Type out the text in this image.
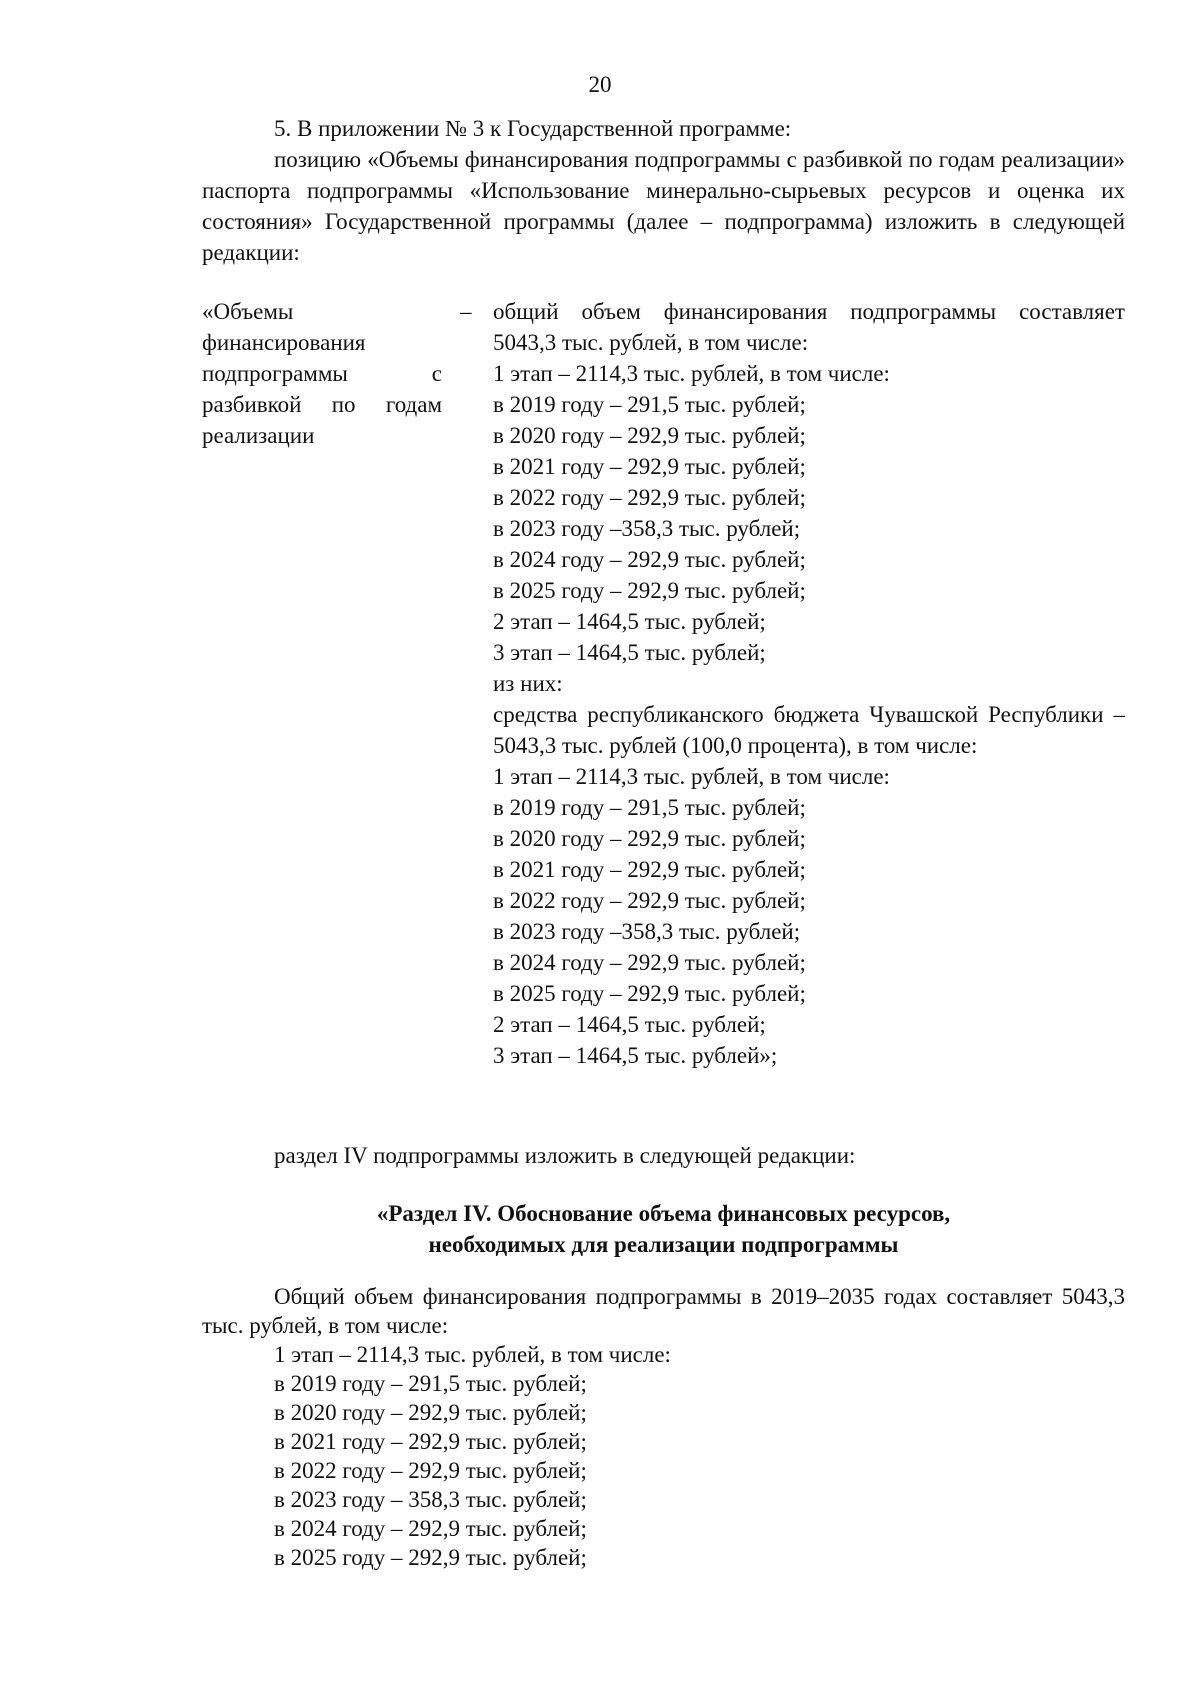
20

5. В приложении № 3 к Государственной программе:

позицию «Объемы финансирования подпрограммы с разбивкой по годам реализации» паспорта подпрограммы «Использование минерально-сырьевых ресурсов и оценка их состояния» Государственной программы (далее – подпрограмма) изложить в следующей редакции:

«Объемы финансирования подпрограммы с разбивкой по годам реализации
– общий объем финансирования подпрограммы составляет 5043,3 тыс. рублей, в том числе:

1 этап – 2114,3 тыс. рублей, в том числе:

в 2019 году – 291,5 тыс. рублей;

в 2020 году – 292,9 тыс. рублей;

в 2021 году – 292,9 тыс. рублей;

в 2022 году – 292,9 тыс. рублей;

в 2023 году –358,3 тыс. рублей;

в 2024 году – 292,9 тыс. рублей;

в 2025 году – 292,9 тыс. рублей;

2 этап – 1464,5 тыс. рублей;

3 этап – 1464,5 тыс. рублей;

из них:

средства республиканского бюджета Чувашской Республики – 5043,3 тыс. рублей (100,0 процента), в том числе:

1 этап – 2114,3 тыс. рублей, в том числе:

в 2019 году – 291,5 тыс. рублей;

в 2020 году – 292,9 тыс. рублей;

в 2021 году – 292,9 тыс. рублей;

в 2022 году – 292,9 тыс. рублей;

в 2023 году –358,3 тыс. рублей;

в 2024 году – 292,9 тыс. рублей;

в 2025 году – 292,9 тыс. рублей;

2 этап – 1464,5 тыс. рублей;

3 этап – 1464,5 тыс. рублей»;

раздел IV подпрограммы изложить в следующей редакции:
«Раздел IV. Обоснование объема финансовых ресурсов,
необходимых для реализации подпрограммы

Общий объем финансирования подпрограммы в 2019–2035 годах составляет 5043,3 тыс. рублей, в том числе:

1 этап – 2114,3 тыс. рублей, в том числе:

в 2019 году – 291,5 тыс. рублей;

в 2020 году – 292,9 тыс. рублей;

в 2021 году – 292,9 тыс. рублей;

в 2022 году – 292,9 тыс. рублей;

в 2023 году – 358,3 тыс. рублей;

в 2024 году – 292,9 тыс. рублей;

в 2025 году – 292,9 тыс. рублей;
